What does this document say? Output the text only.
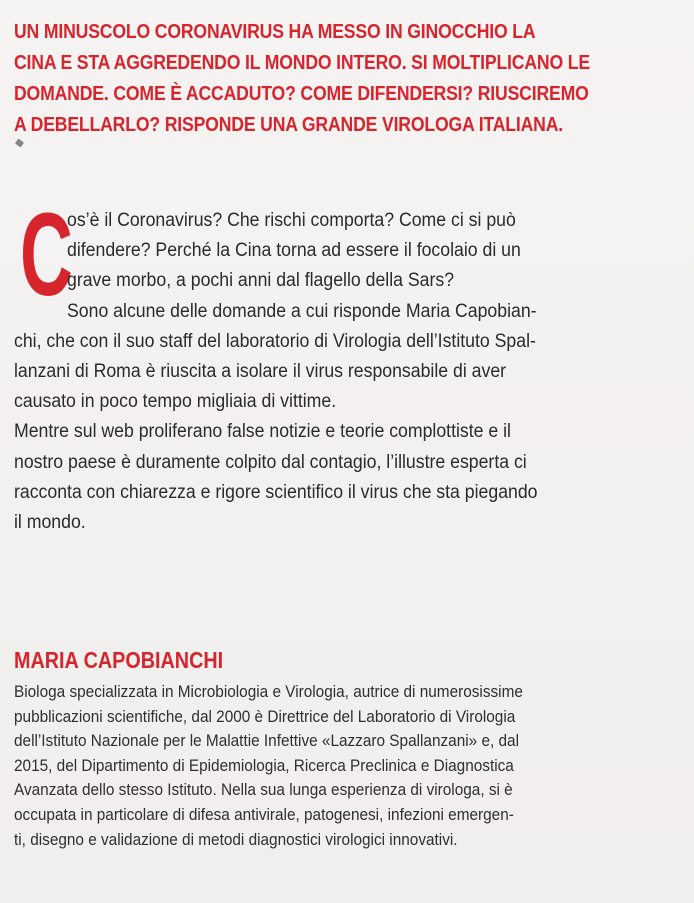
UN MINUSCOLO CORONAVIRUS HA MESSO IN GINOCCHIO LA
CINA E STA AGGREDENDO IL MONDO INTERO. SI MOLTIPLICANO LE
DOMANDE. COME È ACCADUTO? COME DIFENDERSI? RIUSCIREMO
A DEBELLARLO? RISPONDE UNA GRANDE VIROLOGA ITALIANA.
C
os’è il Coronavirus? Che rischi comporta? Come ci si può
difendere? Perché la Cina torna ad essere il focolaio di un
grave morbo, a pochi anni dal flagello della Sars?
Sono alcune delle domande a cui risponde Maria Capobian-
chi, che con il suo staff del laboratorio di Virologia dell’Istituto Spal-
lanzani di Roma è riuscita a isolare il virus responsabile di aver
causato in poco tempo migliaia di vittime.
Mentre sul web proliferano false notizie e teorie complottiste e il
nostro paese è duramente colpito dal contagio, l’illustre esperta ci
racconta con chiarezza e rigore scientifico il virus che sta piegando
il mondo.
MARIA CAPOBIANCHI
Biologa specializzata in Microbiologia e Virologia, autrice di numerosissime
pubblicazioni scientifiche, dal 2000 è Direttrice del Laboratorio di Virologia
dell’Istituto Nazionale per le Malattie Infettive «Lazzaro Spallanzani» e, dal
2015, del Dipartimento di Epidemiologia, Ricerca Preclinica e Diagnostica
Avanzata dello stesso Istituto. Nella sua lunga esperienza di virologa, si è
occupata in particolare di difesa antivirale, patogenesi, infezioni emergen-
ti, disegno e validazione di metodi diagnostici virologici innovativi.
